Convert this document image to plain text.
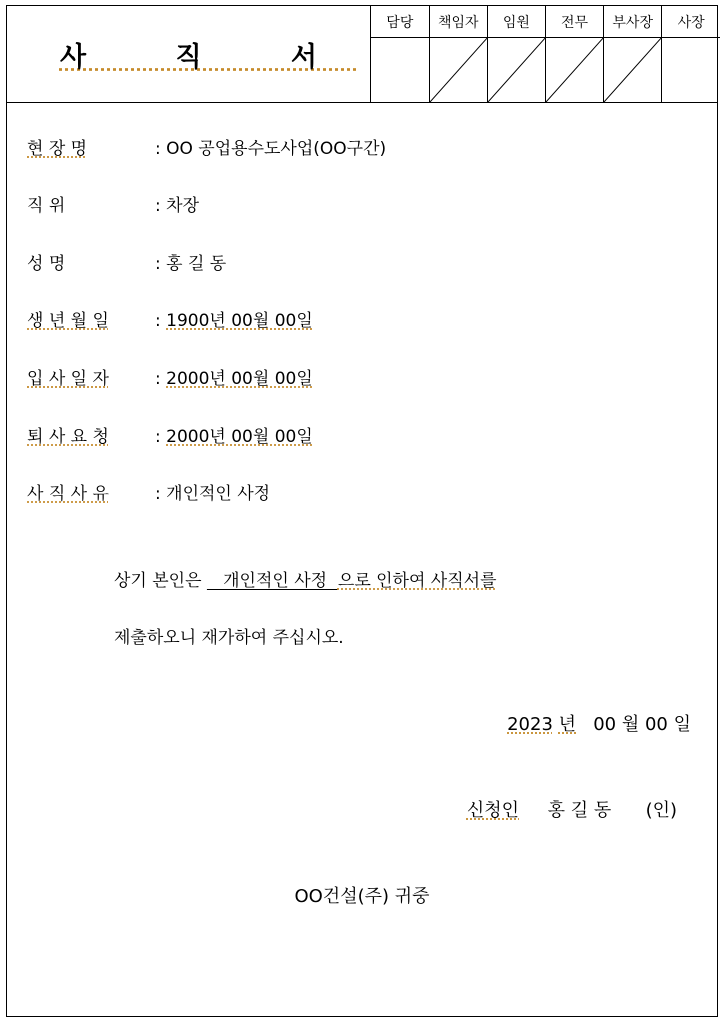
사 직 서
담당	책임자	임원	전무	부사장	사장

현 장 명	:
OO 공업용수도사업(OO구간)
직 위	:
차장
성 명	:
홍 길 동
생 년 월 일	:
1900년 00월 00일
입 사 일 자	:
2000년 00월 00일
퇴 사 요 청	:
2000년 00월 00일
사 직 사 유	:
개인적인 사정
상기 본인은    개인적인 사정  으로 인하여 사직서를
제출하오니 재가하여 주십시오.
2023 년 00 월 00 일
신청인 홍 길 동 (인)
OO건설(주) 귀중
